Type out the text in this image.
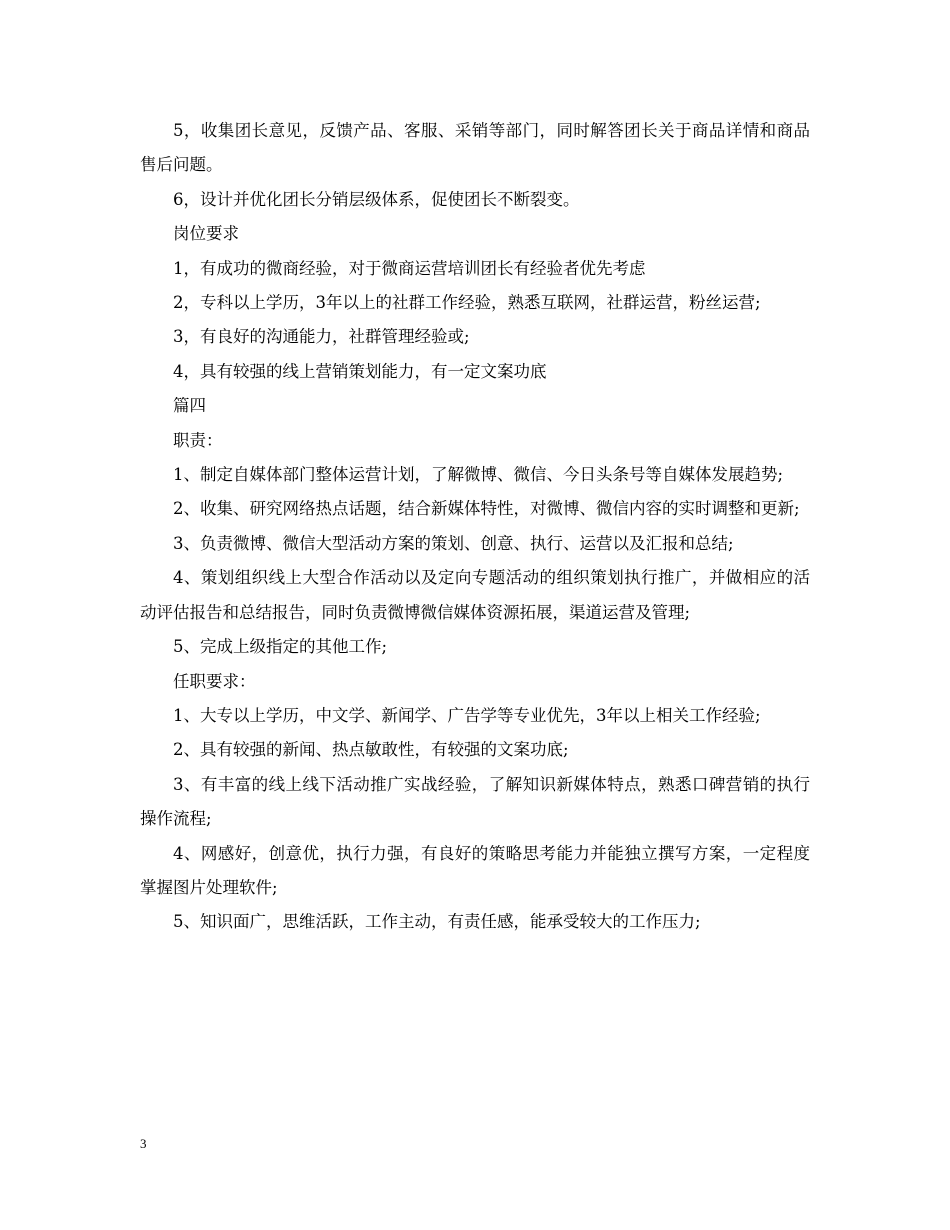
5，收集团长意见，反馈产品、客服、采销等部门，同时解答团长关于商品详情和商品售后问题。

6，设计并优化团长分销层级体系，促使团长不断裂变。

岗位要求

1，有成功的微商经验，对于微商运营培训团长有经验者优先考虑

2，专科以上学历，3年以上的社群工作经验，熟悉互联网，社群运营，粉丝运营;

3，有良好的沟通能力，社群管理经验或;

4，具有较强的线上营销策划能力，有一定文案功底

篇四

职责：

1、制定自媒体部门整体运营计划，了解微博、微信、今日头条号等自媒体发展趋势;

2、收集、研究网络热点话题，结合新媒体特性，对微博、微信内容的实时调整和更新;

3、负责微博、微信大型活动方案的策划、创意、执行、运营以及汇报和总结;

4、策划组织线上大型合作活动以及定向专题活动的组织策划执行推广，并做相应的活动评估报告和总结报告，同时负责微博微信媒体资源拓展，渠道运营及管理;

5、完成上级指定的其他工作;

任职要求：

1、大专以上学历，中文学、新闻学、广告学等专业优先，3年以上相关工作经验;

2、具有较强的新闻、热点敏敢性，有较强的文案功底;

3、有丰富的线上线下活动推广实战经验，了解知识新媒体特点，熟悉口碑营销的执行操作流程;

4、网感好，创意优，执行力强，有良好的策略思考能力并能独立撰写方案，一定程度掌握图片处理软件;

5、知识面广，思维活跃，工作主动，有责任感，能承受较大的工作压力;

3
